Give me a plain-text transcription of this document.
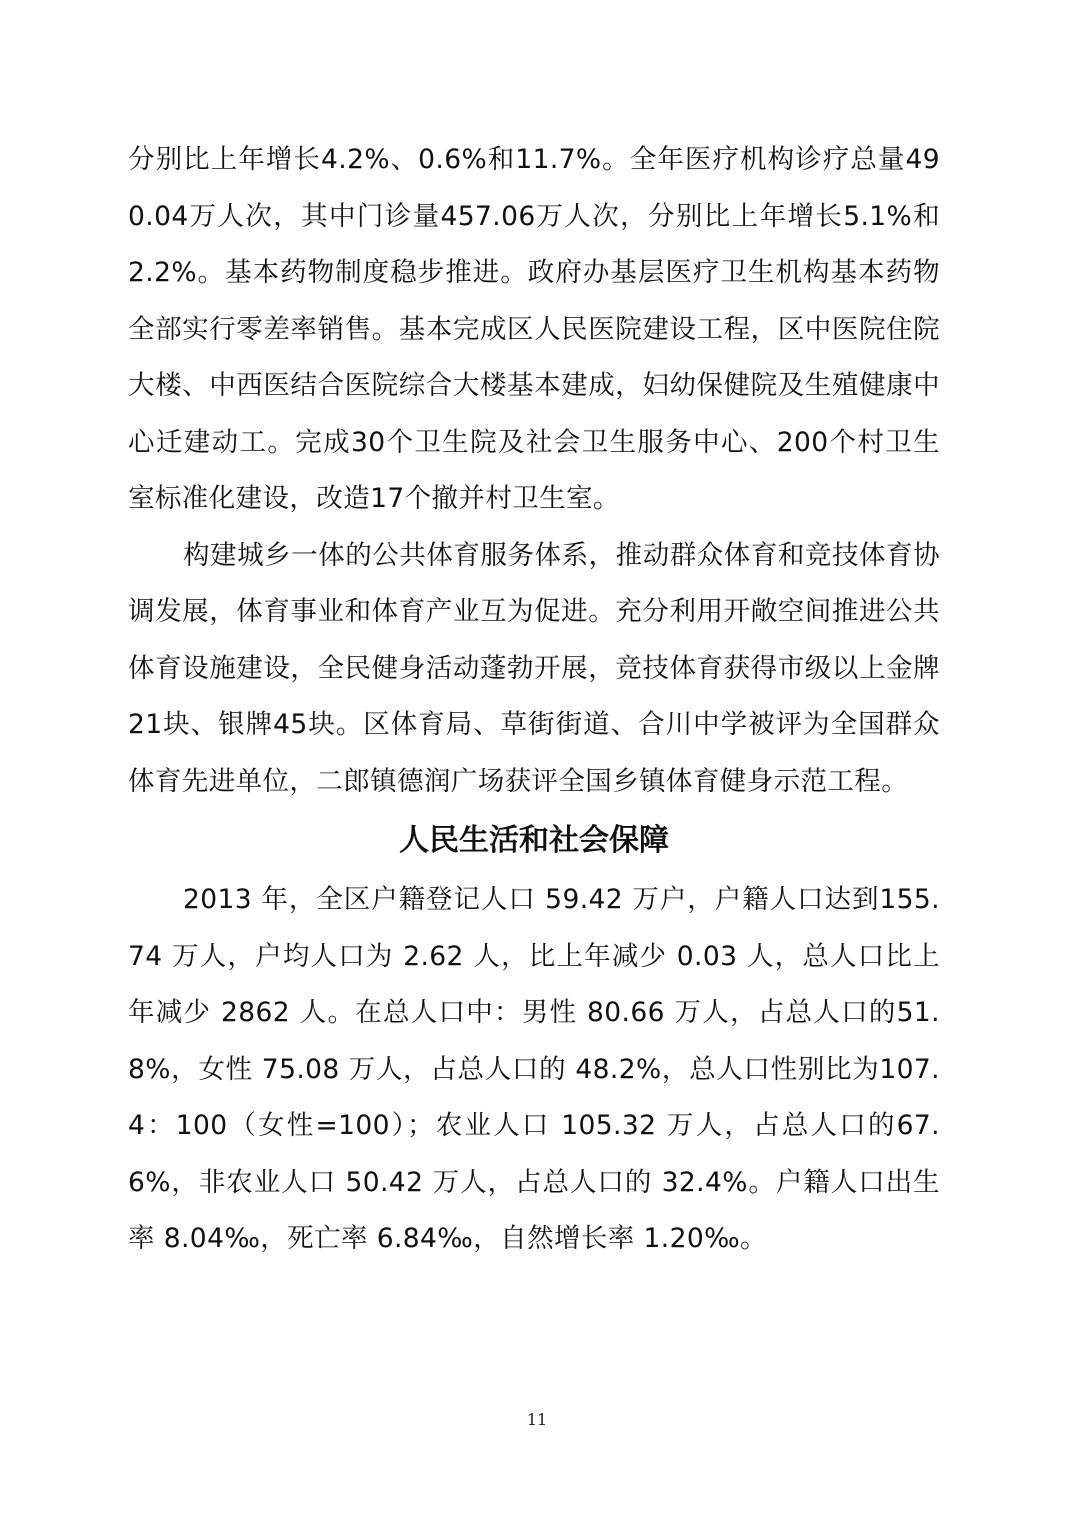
分别比上年增长4.2%、0.6%和11.7%。全年医疗机构诊疗总量490.04万人次，其中门诊量457.06万人次，分别比上年增长5.1%和2.2%。基本药物制度稳步推进。政府办基层医疗卫生机构基本药物全部实行零差率销售。基本完成区人民医院建设工程，区中医院住院大楼、中西医结合医院综合大楼基本建成，妇幼保健院及生殖健康中心迁建动工。完成30个卫生院及社会卫生服务中心、200个村卫生室标准化建设，改造17个撤并村卫生室。

构建城乡一体的公共体育服务体系，推动群众体育和竞技体育协调发展，体育事业和体育产业互为促进。充分利用开敞空间推进公共体育设施建设，全民健身活动蓬勃开展，竞技体育获得市级以上金牌21块、银牌45块。区体育局、草街街道、合川中学被评为全国群众体育先进单位，二郎镇德润广场获评全国乡镇体育健身示范工程。

人民生活和社会保障

2013 年，全区户籍登记人口 59.42 万户，户籍人口达到155.74 万人，户均人口为 2.62 人，比上年减少 0.03 人，总人口比上年减少 2862 人。在总人口中：男性 80.66 万人，占总人口的51.8%，女性 75.08 万人，占总人口的 48.2%，总人口性别比为107.4：100（女性=100）；农业人口 105.32 万人，占总人口的67.6%，非农业人口 50.42 万人，占总人口的 32.4%。户籍人口出生率 8.04‰，死亡率 6.84‰，自然增长率 1.20‰。

11
